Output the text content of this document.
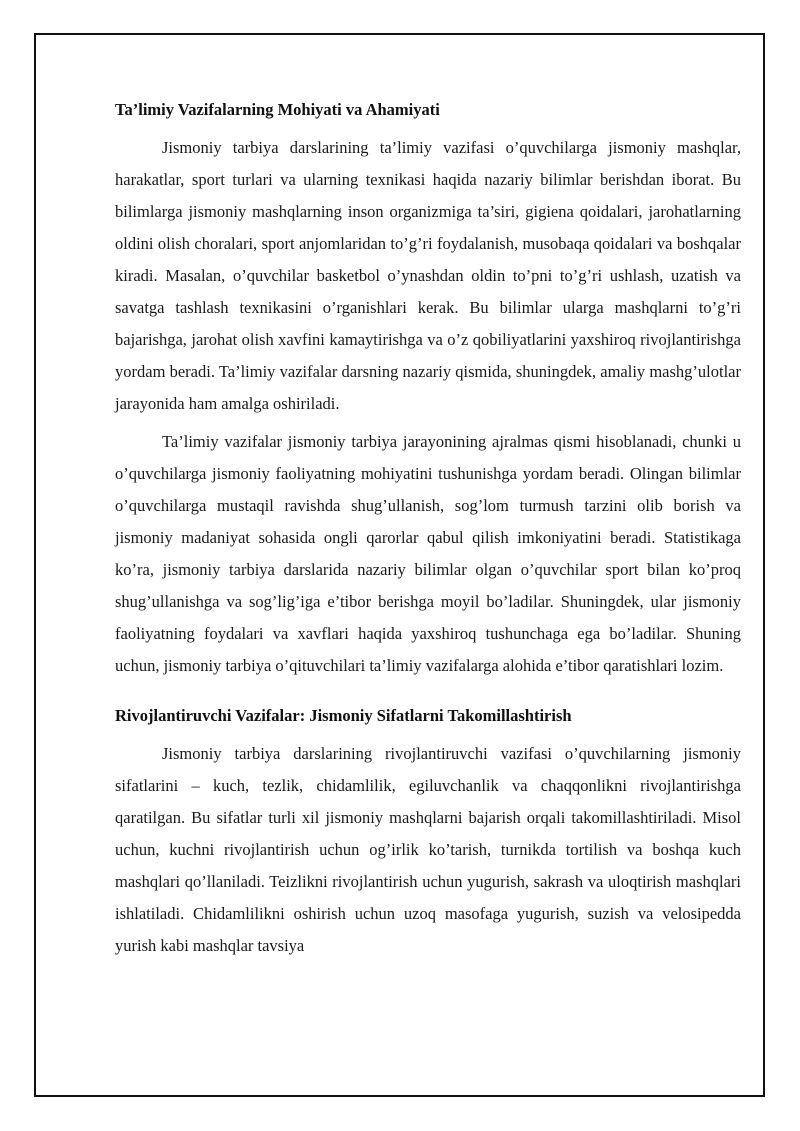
Ta’limiy Vazifalarning Mohiyati va Ahamiyati

Jismoniy tarbiya darslarining ta’limiy vazifasi o’quvchilarga jismoniy mashqlar, harakatlar, sport turlari va ularning texnikasi haqida nazariy bilimlar berishdan iborat. Bu bilimlarga jismoniy mashqlarning inson organizmiga ta’siri, gigiena qoidalari, jarohatlarning oldini olish choralari, sport anjomlaridan to’g’ri foydalanish, musobaqa qoidalari va boshqalar kiradi. Masalan, o’quvchilar basketbol o’ynashdan oldin to’pni to’g’ri ushlash, uzatish va savatga tashlash texnikasini o’rganishlari kerak. Bu bilimlar ularga mashqlarni to’g’ri bajarishga, jarohat olish xavfini kamaytirishga va o’z qobiliyatlarini yaxshiroq rivojlantirishga yordam beradi. Ta’limiy vazifalar darsning nazariy qismida, shuningdek, amaliy mashg’ulotlar jarayonida ham amalga oshiriladi.

Ta’limiy vazifalar jismoniy tarbiya jarayonining ajralmas qismi hisoblanadi, chunki u o’quvchilarga jismoniy faoliyatning mohiyatini tushunishga yordam beradi. Olingan bilimlar o’quvchilarga mustaqil ravishda shug’ullanish, sog’lom turmush tarzini olib borish va jismoniy madaniyat sohasida ongli qarorlar qabul qilish imkoniyatini beradi. Statistikaga ko’ra, jismoniy tarbiya darslarida nazariy bilimlar olgan o’quvchilar sport bilan ko’proq shug’ullanishga va sog’lig’iga e’tibor berishga moyil bo’ladilar. Shuningdek, ular jismoniy faoliyatning foydalari va xavflari haqida yaxshiroq tushunchaga ega bo’ladilar. Shuning uchun, jismoniy tarbiya o’qituvchilari ta’limiy vazifalarga alohida e’tibor qaratishlari lozim.

Rivojlantiruvchi Vazifalar: Jismoniy Sifatlarni Takomillashtirish

Jismoniy tarbiya darslarining rivojlantiruvchi vazifasi o’quvchilarning jismoniy sifatlarini – kuch, tezlik, chidamlilik, egiluvchanlik va chaqqonlikni rivojlantirishga qaratilgan. Bu sifatlar turli xil jismoniy mashqlarni bajarish orqali takomillashtiriladi. Misol uchun, kuchni rivojlantirish uchun og’irlik ko’tarish, turnikda tortilish va boshqa kuch mashqlari qo’llaniladi. Teizlikni rivojlantirish uchun yugurish, sakrash va uloqtirish mashqlari ishlatiladi. Chidamlilikni oshirish uchun uzoq masofaga yugurish, suzish va velosipedda yurish kabi mashqlar tavsiya
